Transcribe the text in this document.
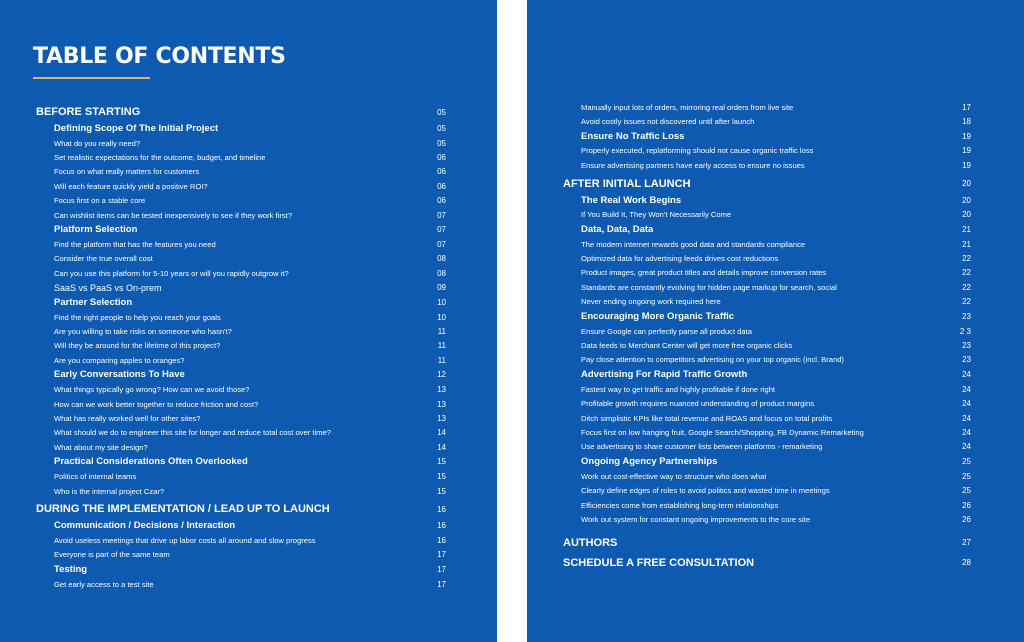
TABLE OF CONTENTS
BEFORE STARTING	05
Defining Scope Of The Initial Project	05
What do you really need?	05
Set realistic expectations for the outcome, budget, and timeline	06
Focus on what really matters for customers	06
Will each feature quickly yield a positive ROI?	06
Focus first on a stable core	06
Can wishlist items can be tested inexpensively to see if they work first?	07
Platform Selection	07
Find the platform that has the features you need	07
Consider the true overall cost	08
Can you use this platform for 5-10 years or will you rapidly outgrow it?	08
SaaS vs PaaS vs On-prem	09
Partner Selection	10
Find the right people to help you reach your goals	10
Are you willing to take risks on someone who hasn't?	11
Will they be around for the lifetime of this project?	11
Are you comparing apples to oranges?	11
Early Conversations To Have	12
What things typically go wrong? How can we avoid those?	13
How can we work better together to reduce friction and cost?	13
What has really worked well for other sites?	13
What should we do to engineer this site for longer and reduce total cost over time?	14
What about my site design?	14
Practical Considerations Often Overlooked	15
Politics of internal teams	15
Who is the internal project Czar?	15
DURING THE IMPLEMENTATION / LEAD UP TO LAUNCH	16
Communication / Decisions / Interaction	16
Avoid useless meetings that drive up labor costs all around and slow progress	16
Everyone is part of the same team	17
Testing	17
Get early access to a test site	17
Manually input lots of orders, mirroring real orders from live site	17
Avoid costly issues not discovered until after launch	18
Ensure No Traffic Loss	19
Properly executed, replatforming should not cause organic traffic loss	19
Ensure advertising partners have early access to ensure no issues	19
AFTER INITIAL LAUNCH	20
The Real Work Begins	20
If You Build It, They Won't Necessarily Come	20
Data, Data, Data	21
The modern internet rewards good data and standards compliance	21
Optimized data for advertising feeds drives cost reductions	22
Product images, great product titles and details improve conversion rates	22
Standards are constantly evolving for hidden page markup for search, social	22
Never ending ongoing work required here	22
Encouraging More Organic Traffic	23
Ensure Google can perfectly parse all product data	2 3
Data feeds to Merchant Center will get more free organic clicks	23
Pay close attention to competitors advertising on your top organic (incl. Brand)	23
Advertising For Rapid Traffic Growth	24
Fastest way to get traffic and highly profitable if done right	24
Profitable growth requires nuanced understanding of product margins	24
Ditch simplistic KPIs like total revenue and ROAS and focus on total profits	24
Focus first on low hanging fruit, Google Search/Shopping, FB Dynamic Remarketing	24
Use advertising to share customer lists between platforms - remarketing	24
Ongoing Agency Partnerships	25
Work out cost-effective way to structure who does what	25
Clearly define edges of roles to avoid politics and wasted time in meetings	25
Efficiencies come from establishing long-term relationships	26
Work out system for constant ongoing improvements to the core site	26
AUTHORS	27
SCHEDULE A FREE CONSULTATION	28
